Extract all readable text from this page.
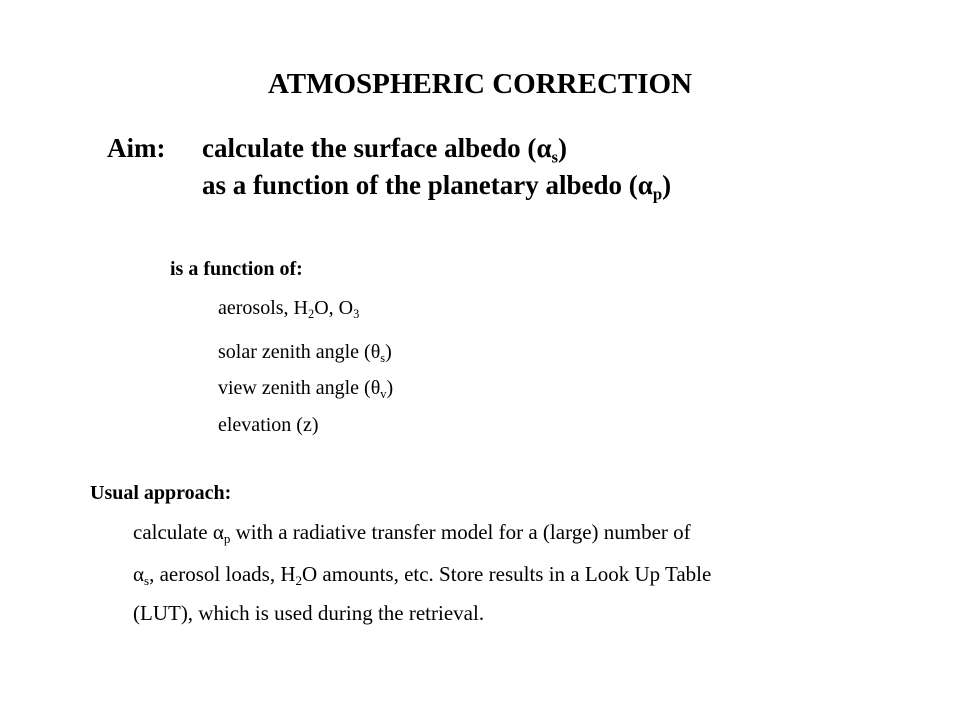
ATMOSPHERIC CORRECTION
Aim: calculate the surface albedo $(\alpha_s)$
as a function of the planetary albedo $(\alpha_p)$
is a function of:
aerosols, $H_2O$, $O_3$
solar zenith angle $(\theta_s)$
view zenith angle $(\theta_v)$
elevation (z)
Usual approach:
calculate $\alpha_p$ with a radiative transfer model for a (large) number of
$\alpha_s$, aerosol loads, $H_2O$ amounts, etc. Store results in a Look Up Table
(LUT), which is used during the retrieval.
